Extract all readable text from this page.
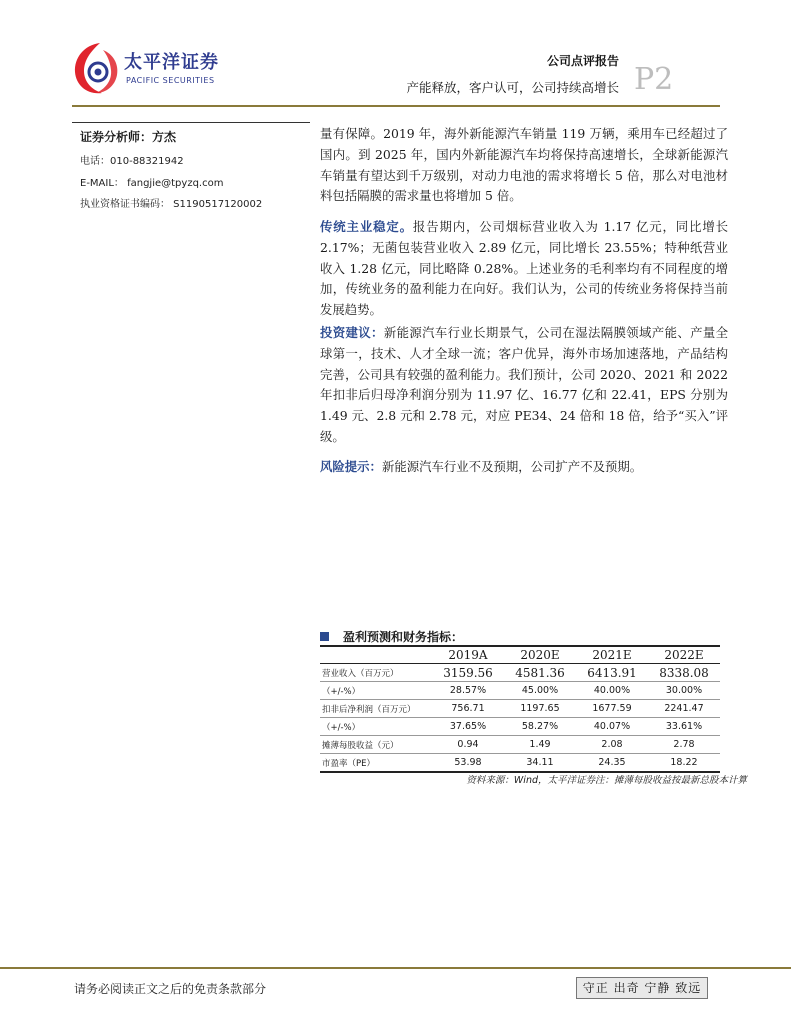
太平洋证券
PACIFIC SECURITIES
公司点评报告
产能释放，客户认可，公司持续高增长 P2
证券分析师：方杰
电话：010-88321942
E-MAIL： fangjie@tpyzq.com
执业资格证书编码： S1190517120002

量有保障。2019 年，海外新能源汽车销量 119 万辆，乘用车已经超过了国内。到 2025 年，国内外新能源汽车均将保持高速增长，全球新能源汽车销量有望达到千万级别，对动力电池的需求将增长 5 倍，那么对电池材料包括隔膜的需求量也将增加 5 倍。

传统主业稳定。报告期内，公司烟标营业收入为 1.17 亿元，同比增长 2.17%；无菌包装营业收入 2.89 亿元，同比增长 23.55%；特种纸营业收入 1.28 亿元，同比略降 0.28%。上述业务的毛利率均有不同程度的增加，传统业务的盈利能力在向好。我们认为，公司的传统业务将保持当前发展趋势。

投资建议：新能源汽车行业长期景气，公司在湿法隔膜领域产能、产量全球第一，技术、人才全球一流；客户优异，海外市场加速落地，产品结构完善，公司具有较强的盈利能力。我们预计，公司 2020、2021 和 2022 年扣非后归母净利润分别为 11.97 亿、16.77 亿和 22.41，EPS 分别为 1.49 元、2.8 元和 2.78 元，对应 PE34、24 倍和 18 倍，给予“买入”评级。

风险提示：新能源汽车行业不及预期，公司扩产不及预期。

盈利预测和财务指标：
	2019A	2020E	2021E	2022E
营业收入（百万元）	3159.56	4581.36	6413.91	8338.08
（+/-%）	28.57%	45.00%	40.00%	30.00%
扣非后净利润（百万元）	756.71	1197.65	1677.59	2241.47
（+/-%）	37.65%	58.27%	40.07%	33.61%
摊薄每股收益（元）	0.94	1.49	2.08	2.78
市盈率（PE）	53.98	34.11	24.35	18.22
资料来源：Wind，太平洋证券注：摊薄每股收益按最新总股本计算
请务必阅读正文之后的免责条款部分	守正 出奇 宁静 致远
